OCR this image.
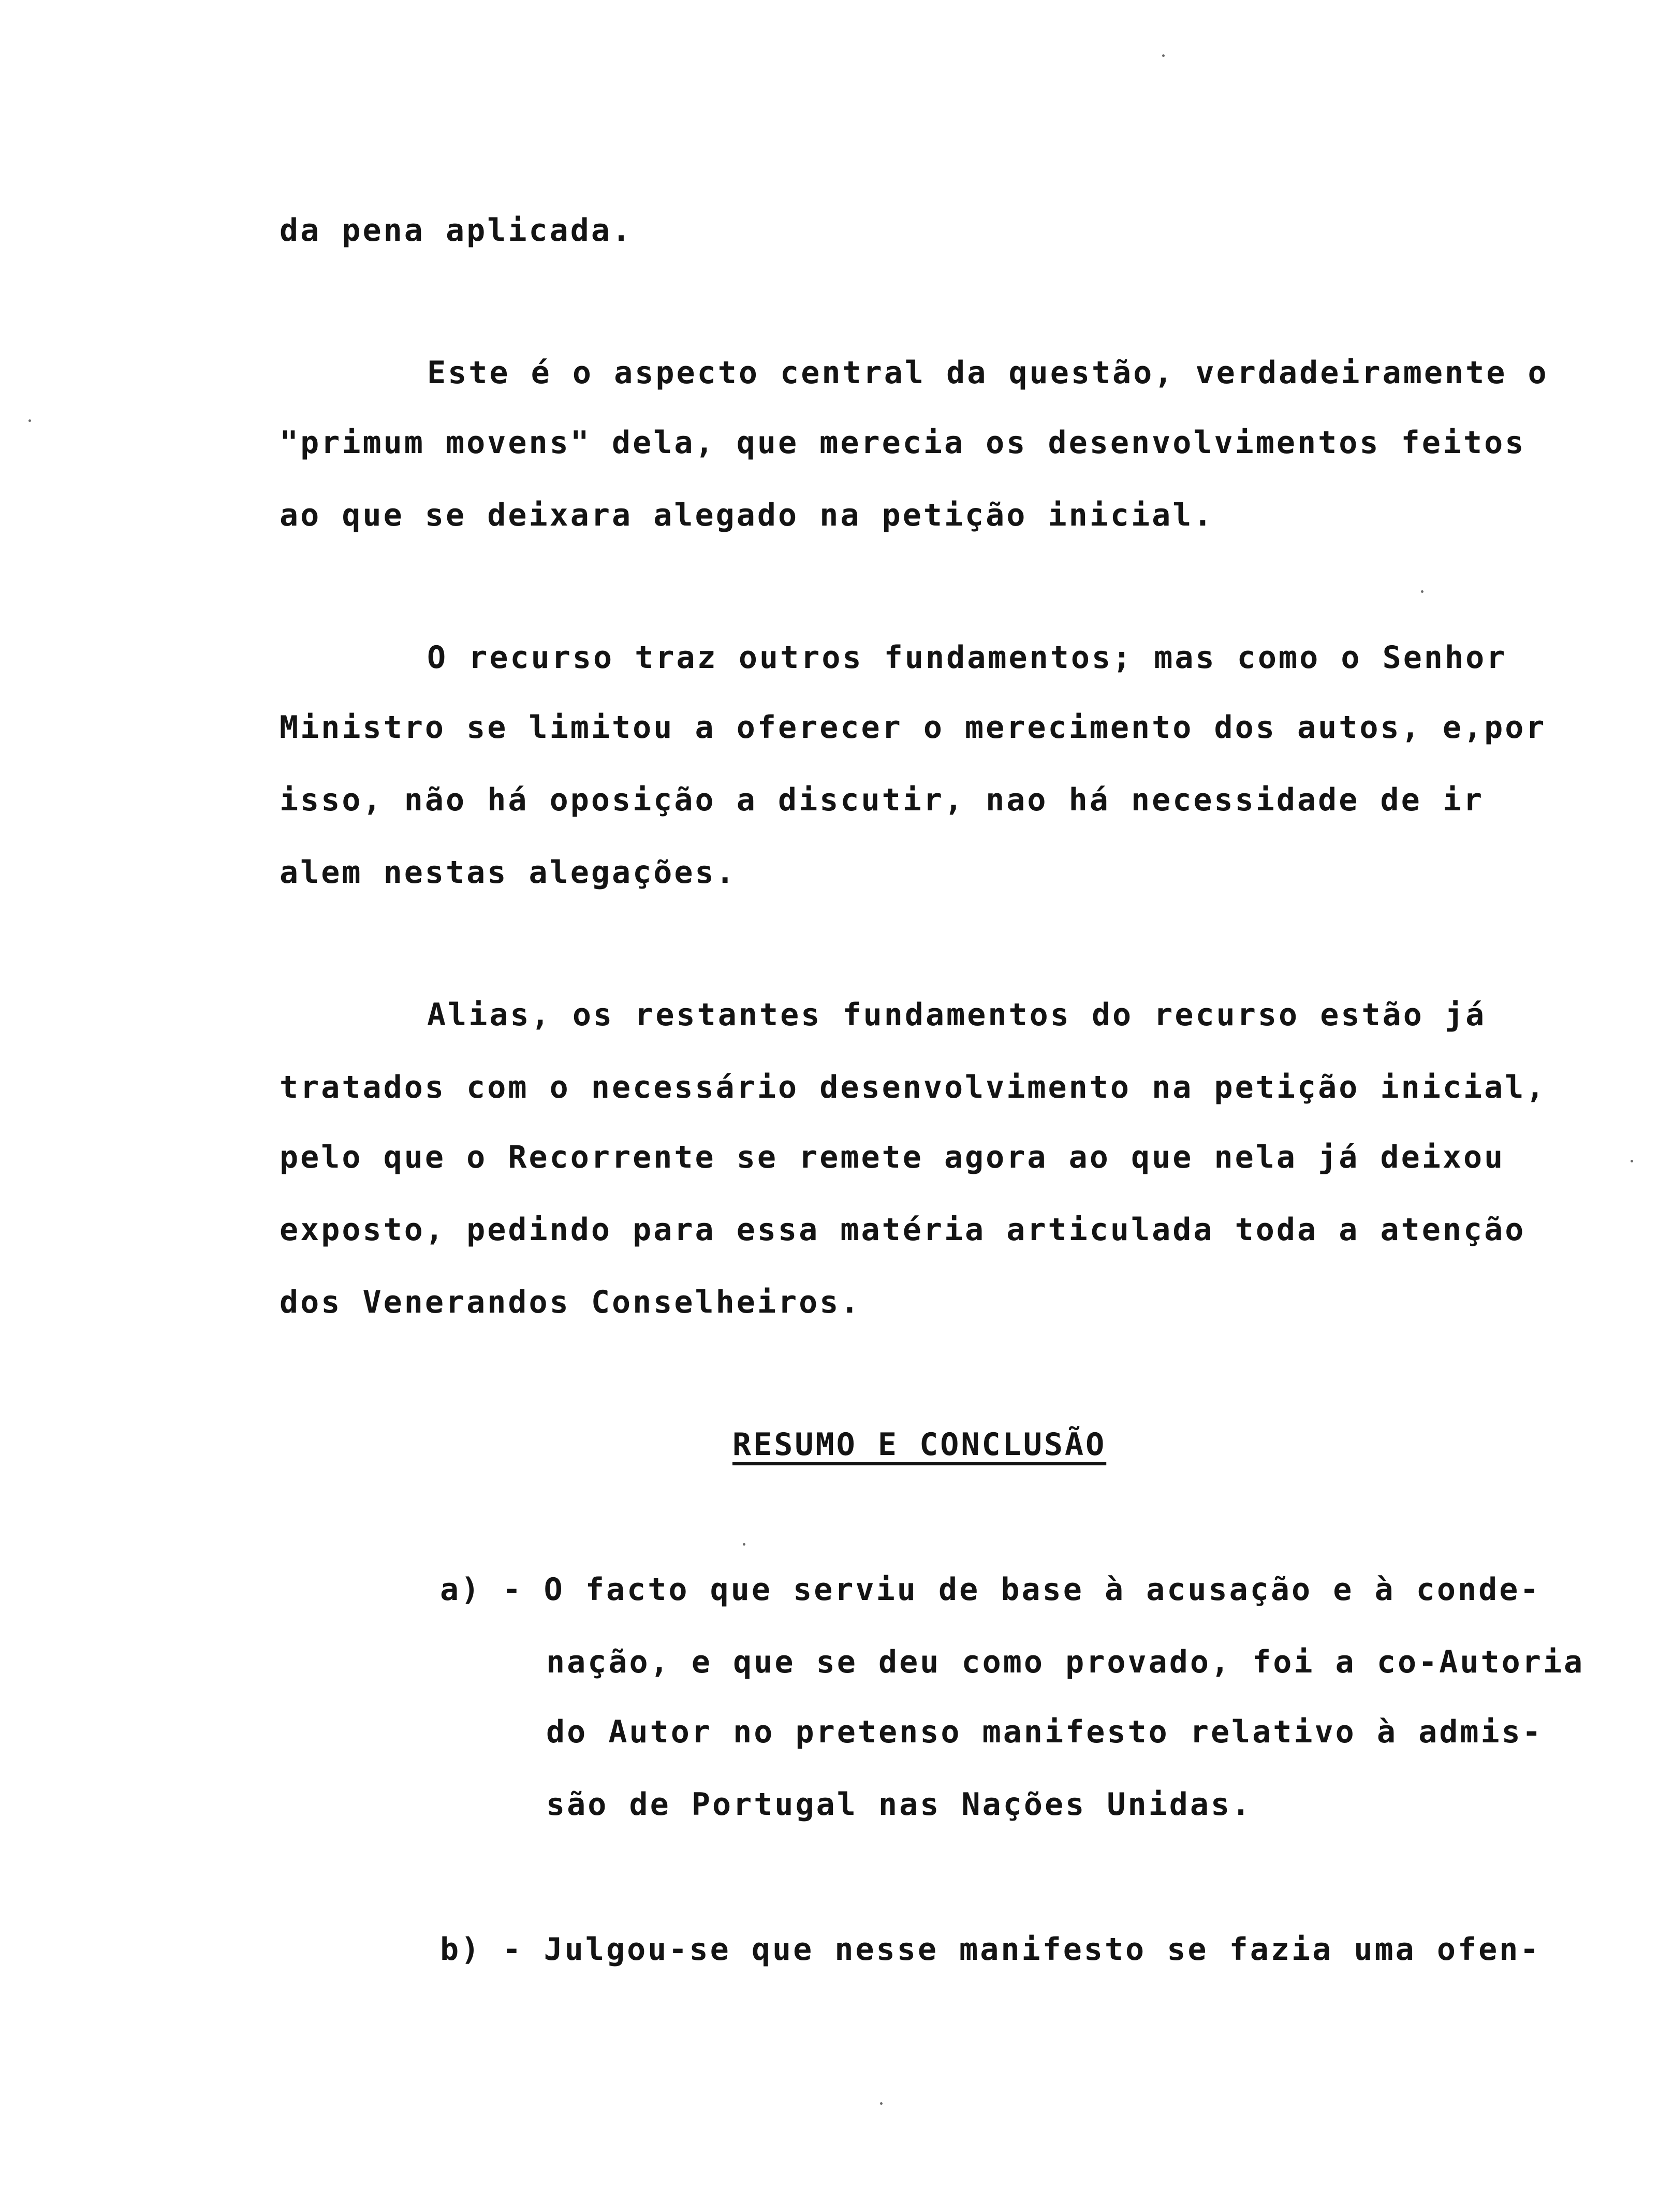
da pena aplicada.
Este é o aspecto central da questão, verdadeiramente o
"primum movens" dela, que merecia os desenvolvimentos feitos
ao que se deixara alegado na petição inicial.
O recurso traz outros fundamentos; mas como o Senhor
Ministro se limitou a oferecer o merecimento dos autos, e,por
isso, não há oposição a discutir, nao há necessidade de ir
alem nestas alegações.
Alias, os restantes fundamentos do recurso estão já
tratados com o necessário desenvolvimento na petição inicial,
pelo que o Recorrente se remete agora ao que nela já deixou
exposto, pedindo para essa matéria articulada toda a atenção
dos Venerandos Conselheiros.
RESUMO E CONCLUSÃO
a) - O facto que serviu de base à acusação e à conde-
nação, e que se deu como provado, foi a co-Autoria
do Autor no pretenso manifesto relativo à admis-
são de Portugal nas Nações Unidas.
b) - Julgou-se que nesse manifesto se fazia uma ofen-
